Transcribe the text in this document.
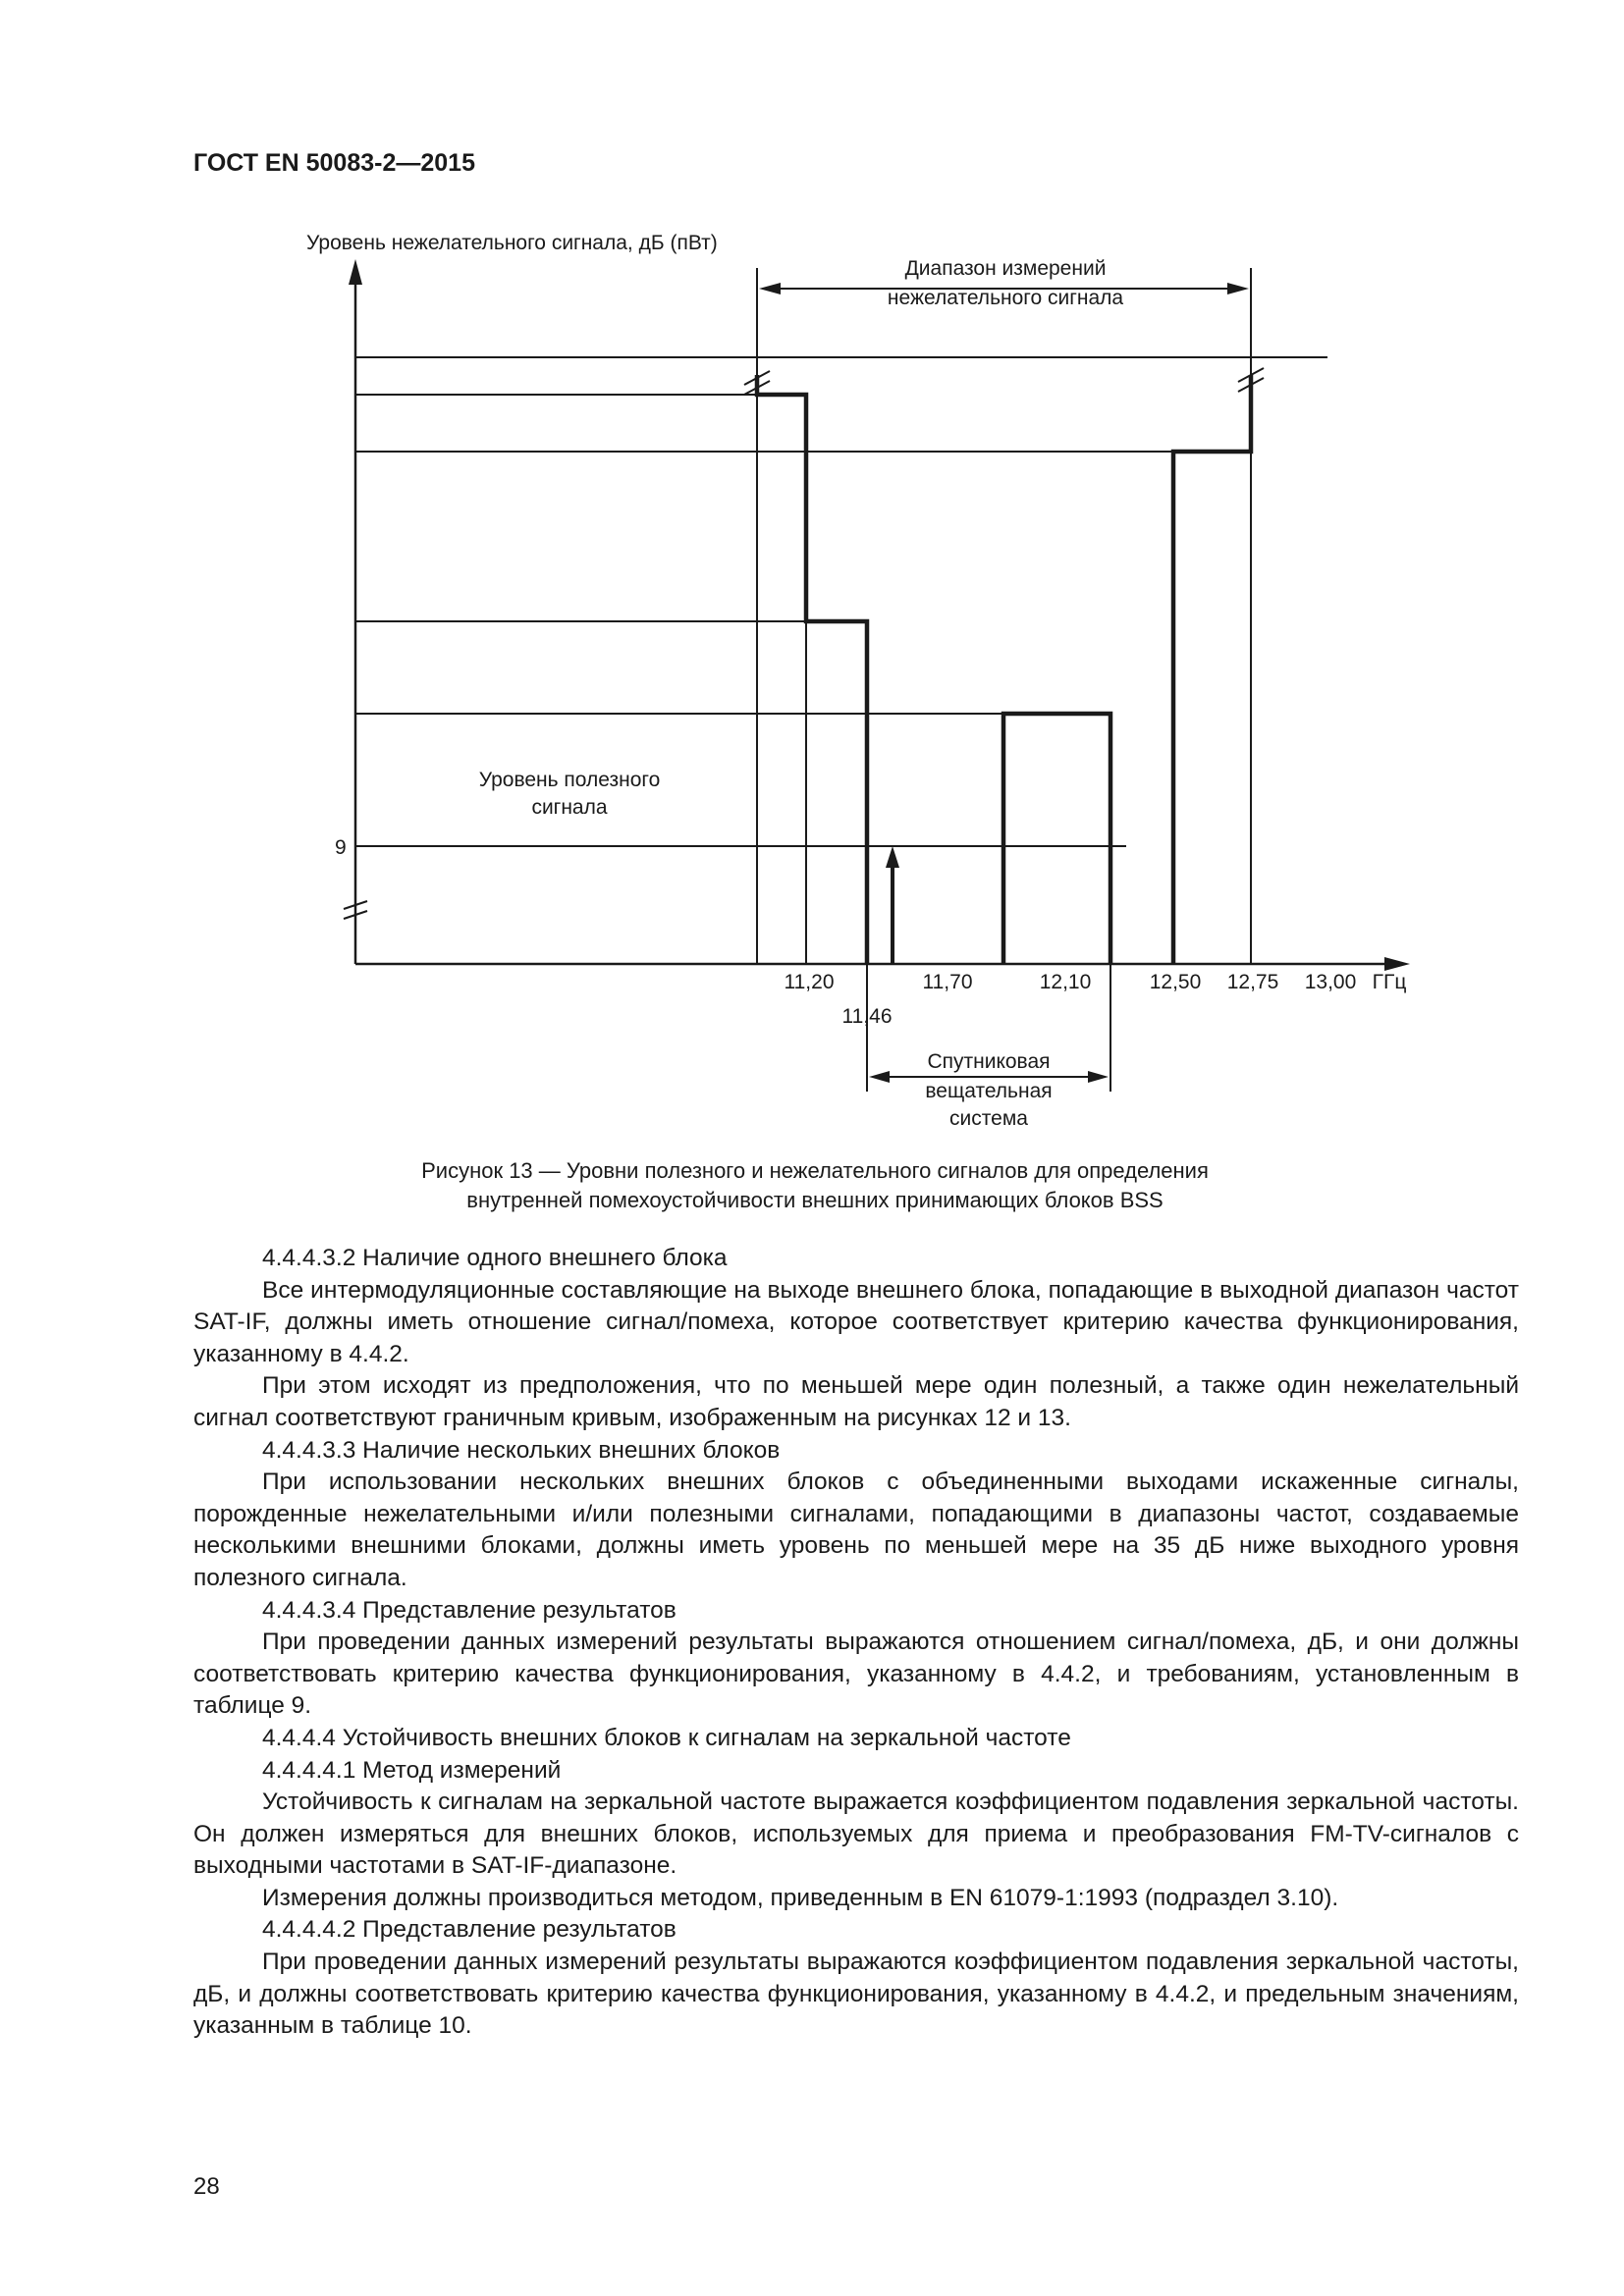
ГОСТ EN 50083-2—2015
Уровень нежелательного сигнала, дБ (пВт)
Диапазон измерений
нежелательного сигнала
Уровень полезного
сигнала
9
11,20
11,46
11,70	12,10	12,50 12,75 13,00 ГГц
Спутниковая
вещательная
система
Рисунок 13 — Уровни полезного и нежелательного сигналов для определения
внутренней помехоустойчивости внешних принимающих блоков BSS

4.4.4.3.2 Наличие одного внешнего блока

Все интермодуляционные составляющие на выходе внешнего блока, попадающие в выходной диапазон частот SAT-IF, должны иметь отношение сигнал/помеха, которое соответствует критерию качества функционирования, указанному в 4.4.2.

При этом исходят из предположения, что по меньшей мере один полезный, а также один нежелательный сигнал соответствуют граничным кривым, изображенным на рисунках 12 и 13.

4.4.4.3.3 Наличие нескольких внешних блоков

При использовании нескольких внешних блоков с объединенными выходами искаженные сигналы, порожденные нежелательными и/или полезными сигналами, попадающими в диапазоны частот, создаваемые несколькими внешними блоками, должны иметь уровень по меньшей мере на 35 дБ ниже выходного уровня полезного сигнала.

4.4.4.3.4 Представление результатов

При проведении данных измерений результаты выражаются отношением сигнал/помеха, дБ, и они должны соответствовать критерию качества функционирования, указанному в 4.4.2, и требованиям, установленным в таблице 9.

4.4.4.4 Устойчивость внешних блоков к сигналам на зеркальной частоте

4.4.4.4.1 Метод измерений

Устойчивость к сигналам на зеркальной частоте выражается коэффициентом подавления зеркальной частоты. Он должен измеряться для внешних блоков, используемых для приема и преобразования FM-TV-сигналов с выходными частотами в SAT-IF-диапазоне.

Измерения должны производиться методом, приведенным в EN 61079-1:1993 (подраздел 3.10).

4.4.4.4.2 Представление результатов

При проведении данных измерений результаты выражаются коэффициентом подавления зеркальной частоты, дБ, и должны соответствовать критерию качества функционирования, указанному в 4.4.2, и предельным значениям, указанным в таблице 10.

28
